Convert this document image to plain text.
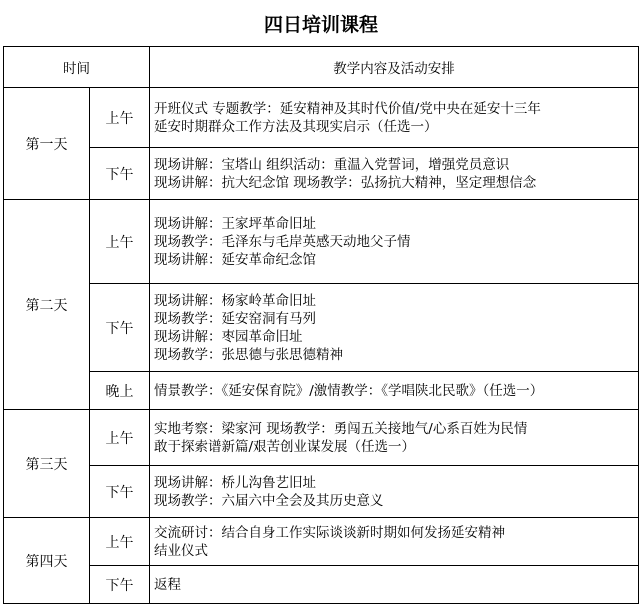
四日培训课程
时间		教学内容及活动安排
第一天	上午	开班仪式 专题教学：延安精神及其时代价值/党中央在延安十三年
延安时期群众工作方法及其现实启示（任选一）

	下午	现场讲解：宝塔山 组织活动：重温入党誓词，增强党员意识
现场讲解：抗大纪念馆 现场教学：弘扬抗大精神，坚定理想信念

第二天	上午	现场讲解：王家坪革命旧址
现场教学：毛泽东与毛岸英感天动地父子情
现场讲解：延安革命纪念馆

	下午	现场讲解：杨家岭革命旧址
现场教学：延安窑洞有马列
现场讲解：枣园革命旧址
现场教学：张思德与张思德精神

	晚上	情景教学：《延安保育院》/激情教学：《学唱陕北民歌》（任选一）

第三天	上午	实地考察：梁家河 现场教学：勇闯五关接地气/心系百姓为民情
敢于探索谱新篇/艰苦创业谋发展（任选一）

	下午	现场讲解：桥儿沟鲁艺旧址
现场教学：六届六中全会及其历史意义

第四天	上午	交流研讨：结合自身工作实际谈谈新时期如何发扬延安精神
结业仪式

	下午	返程
